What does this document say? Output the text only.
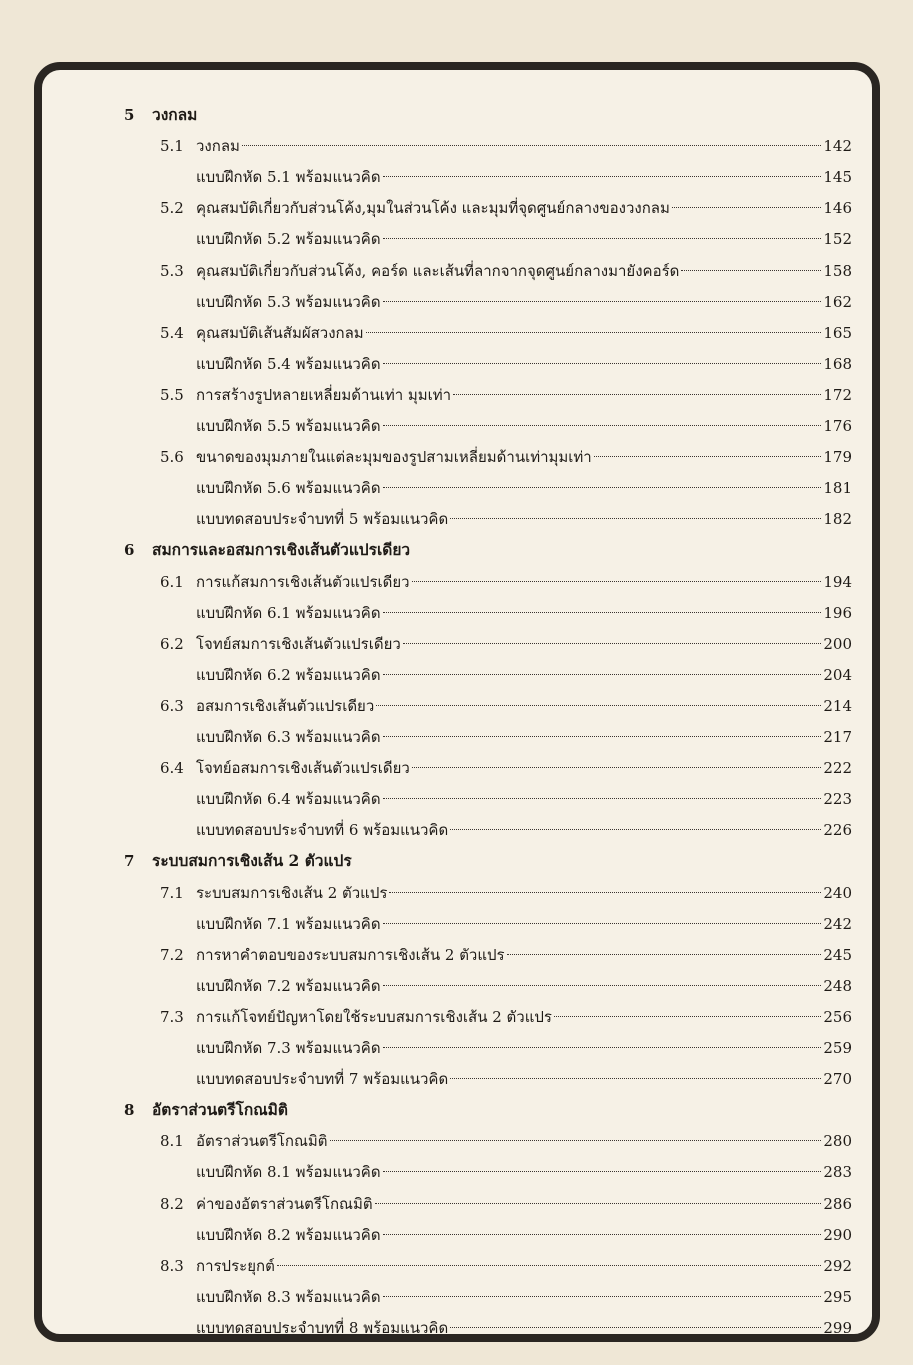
5	วงกลม
5.1 วงกลม	142
แบบฝึกหัด 5.1 พร้อมแนวคิด	145
5.2 คุณสมบัติเกี่ยวกับส่วนโค้ง,มุมในส่วนโค้ง และมุมที่จุดศูนย์กลางของวงกลม	146
แบบฝึกหัด 5.2 พร้อมแนวคิด	152
5.3 คุณสมบัติเกี่ยวกับส่วนโค้ง, คอร์ด และเส้นที่ลากจากจุดศูนย์กลางมายังคอร์ด	158
แบบฝึกหัด 5.3 พร้อมแนวคิด	162
5.4 คุณสมบัติเส้นสัมผัสวงกลม	165
แบบฝึกหัด 5.4 พร้อมแนวคิด	168
5.5 การสร้างรูปหลายเหลี่ยมด้านเท่า มุมเท่า	172
แบบฝึกหัด 5.5 พร้อมแนวคิด	176
5.6 ขนาดของมุมภายในแต่ละมุมของรูปสามเหลี่ยมด้านเท่ามุมเท่า	179
แบบฝึกหัด 5.6 พร้อมแนวคิด	181
แบบทดสอบประจำบทที่ 5 พร้อมแนวคิด	182
6	สมการและอสมการเชิงเส้นตัวแปรเดียว
6.1 การแก้สมการเชิงเส้นตัวแปรเดียว	194
แบบฝึกหัด 6.1 พร้อมแนวคิด	196
6.2 โจทย์สมการเชิงเส้นตัวแปรเดียว	200
แบบฝึกหัด 6.2 พร้อมแนวคิด	204
6.3 อสมการเชิงเส้นตัวแปรเดียว	214
แบบฝึกหัด 6.3 พร้อมแนวคิด	217
6.4 โจทย์อสมการเชิงเส้นตัวแปรเดียว	222
แบบฝึกหัด 6.4 พร้อมแนวคิด	223
แบบทดสอบประจำบทที่ 6 พร้อมแนวคิด	226
7	ระบบสมการเชิงเส้น 2 ตัวแปร
7.1 ระบบสมการเชิงเส้น 2 ตัวแปร	240
แบบฝึกหัด 7.1 พร้อมแนวคิด	242
7.2 การหาคำตอบของระบบสมการเชิงเส้น 2 ตัวแปร	245
แบบฝึกหัด 7.2 พร้อมแนวคิด	248
7.3 การแก้โจทย์ปัญหาโดยใช้ระบบสมการเชิงเส้น 2 ตัวแปร	256
แบบฝึกหัด 7.3 พร้อมแนวคิด	259
แบบทดสอบประจำบทที่ 7 พร้อมแนวคิด	270
8	อัตราส่วนตรีโกณมิติ
8.1 อัตราส่วนตรีโกณมิติ	280
แบบฝึกหัด 8.1 พร้อมแนวคิด	283
8.2 ค่าของอัตราส่วนตรีโกณมิติ	286
แบบฝึกหัด 8.2 พร้อมแนวคิด	290
8.3 การประยุกต์	292
แบบฝึกหัด 8.3 พร้อมแนวคิด	295
แบบทดสอบประจำบทที่ 8 พร้อมแนวคิด	299
